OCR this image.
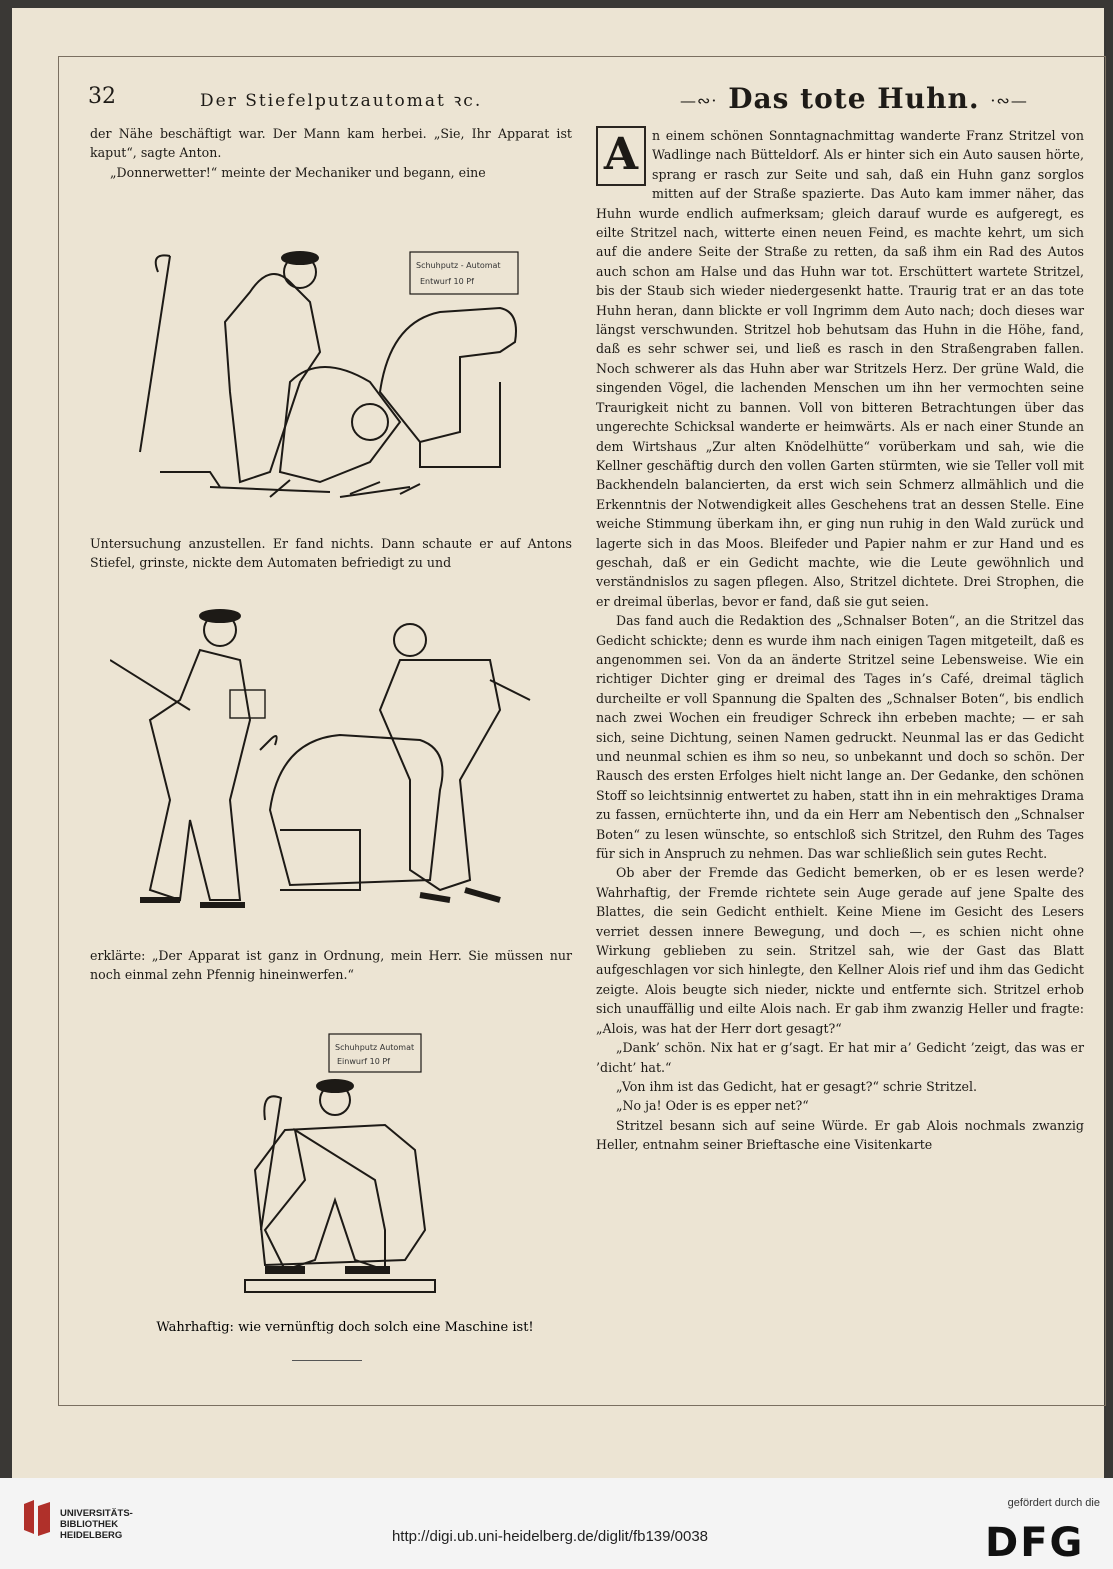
32	Der Stiefelputzautomat ꝛc.	—∾· Das tote Huhn. ·∾—

der Nähe beschäftigt war. Der Mann kam herbei. „Sie, Ihr Apparat ist kaput“, sagte Anton.

„Donnerwetter!“ meinte der Mechaniker und begann, eine

Schuhputz - Automat
Entwurf 10 Pf

Untersuchung anzustellen. Er fand nichts. Dann schaute er auf Antons Stiefel, grinste, nickte dem Automaten befriedigt zu und

erklärte: „Der Apparat ist ganz in Ordnung, mein Herr. Sie müssen nur noch einmal zehn Pfennig hineinwerfen.“

Schuhputz Automat
Einwurf 10 Pf
Wahrhaftig: wie vernünftig doch solch eine Maschine ist!
A	n einem schönen Sonntagnachmittag wanderte Franz Stritzel von Wadlinge nach Bütteldorf. Als er hinter sich ein Auto sausen hörte, sprang er rasch zur Seite und sah, daß ein Huhn ganz sorglos mitten auf der Straße spazierte. Das Auto kam immer näher, das Huhn wurde endlich aufmerksam; gleich darauf wurde es aufgeregt, es eilte Stritzel nach, witterte einen neuen Feind, es machte kehrt, um sich auf die andere Seite der Straße zu retten, da saß ihm ein Rad des Autos auch schon am Halse und das Huhn war tot. Erschüttert wartete Stritzel, bis der Staub sich wieder niedergesenkt hatte. Traurig trat er an das tote Huhn heran, dann blickte er voll Ingrimm dem Auto nach; doch dieses war längst verschwunden. Stritzel hob behutsam das Huhn in die Höhe, fand, daß es sehr schwer sei, und ließ es rasch in den Straßengraben fallen. Noch schwerer als das Huhn aber war Stritzels Herz. Der grüne Wald, die singenden Vögel, die lachenden Menschen um ihn her vermochten seine Traurigkeit nicht zu bannen. Voll von bitteren Betrachtungen über das ungerechte Schicksal wanderte er heimwärts. Als er nach einer Stunde an dem Wirtshaus „Zur alten Knödelhütte“ vorüberkam und sah, wie die Kellner geschäftig durch den vollen Garten stürmten, wie sie Teller voll mit Backhendeln balancierten, da erst wich sein Schmerz allmählich und die Erkenntnis der Notwendigkeit alles Geschehens trat an dessen Stelle. Eine weiche Stimmung überkam ihn, er ging nun ruhig in den Wald zurück und lagerte sich in das Moos. Bleifeder und Papier nahm er zur Hand und es geschah, daß er ein Gedicht machte, wie die Leute gewöhnlich und verständnislos zu sagen pflegen. Also, Stritzel dichtete. Drei Strophen, die er dreimal überlas, bevor er fand, daß sie gut seien.

Das fand auch die Redaktion des „Schnalser Boten“, an die Stritzel das Gedicht schickte; denn es wurde ihm nach einigen Tagen mitgeteilt, daß es angenommen sei. Von da an änderte Stritzel seine Lebensweise. Wie ein richtiger Dichter ging er dreimal des Tages in’s Café, dreimal täglich durcheilte er voll Spannung die Spalten des „Schnalser Boten“, bis endlich nach zwei Wochen ein freudiger Schreck ihn erbeben machte; — er sah sich, seine Dichtung, seinen Namen gedruckt. Neunmal las er das Gedicht und neunmal schien es ihm so neu, so unbekannt und doch so schön. Der Rausch des ersten Erfolges hielt nicht lange an. Der Gedanke, den schönen Stoff so leichtsinnig entwertet zu haben, statt ihn in ein mehraktiges Drama zu fassen, ernüchterte ihn, und da ein Herr am Nebentisch den „Schnalser Boten“ zu lesen wünschte, so entschloß sich Stritzel, den Ruhm des Tages für sich in Anspruch zu nehmen. Das war schließlich sein gutes Recht.

Ob aber der Fremde das Gedicht bemerken, ob er es lesen werde? Wahrhaftig, der Fremde richtete sein Auge gerade auf jene Spalte des Blattes, die sein Gedicht enthielt. Keine Miene im Gesicht des Lesers verriet dessen innere Bewegung, und doch —, es schien nicht ohne Wirkung geblieben zu sein. Stritzel sah, wie der Gast das Blatt aufgeschlagen vor sich hinlegte, den Kellner Alois rief und ihm das Gedicht zeigte. Alois beugte sich nieder, nickte und entfernte sich. Stritzel erhob sich unauffällig und eilte Alois nach. Er gab ihm zwanzig Heller und fragte: „Alois, was hat der Herr dort gesagt?“

„Dank’ schön. Nix hat er g’sagt. Er hat mir a’ Gedicht ’zeigt, das was er ’dicht’ hat.“

„Von ihm ist das Gedicht, hat er gesagt?“ schrie Stritzel.

„No ja! Oder is es epper net?“

Stritzel besann sich auf seine Würde. Er gab Alois nochmals zwanzig Heller, entnahm seiner Brieftasche eine Visitenkarte

UNIVERSITÄTS-
BIBLIOTHEK
HEIDELBERG	http://digi.ub.uni-heidelberg.de/diglit/fb139/0038
gefördert durch die
DFG
